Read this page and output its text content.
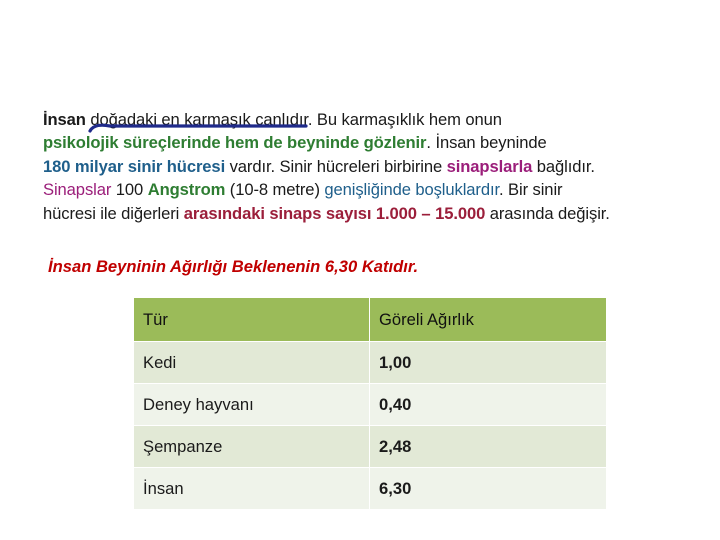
İnsan doğadaki en karmaşık canlıdır. Bu karmaşıklık hem onun
psikolojik süreçlerinde hem de beyninde gözlenir. İnsan beyninde
180 milyar sinir hücresi vardır. Sinir hücreleri birbirine sinapslarla bağlıdır.
Sinapslar 100 Angstrom (10-8 metre) genişliğinde boşluklardır. Bir sinir
hücresi ile diğerleri arasındaki sinaps sayısı 1.000 – 15.000 arasında değişir.
İnsan Beyninin Ağırlığı Beklenenin 6,30 Katıdır.
Tür	Göreli Ağırlık
Kedi	1,00
Deney hayvanı	0,40
Şempanze	2,48
İnsan	6,30
